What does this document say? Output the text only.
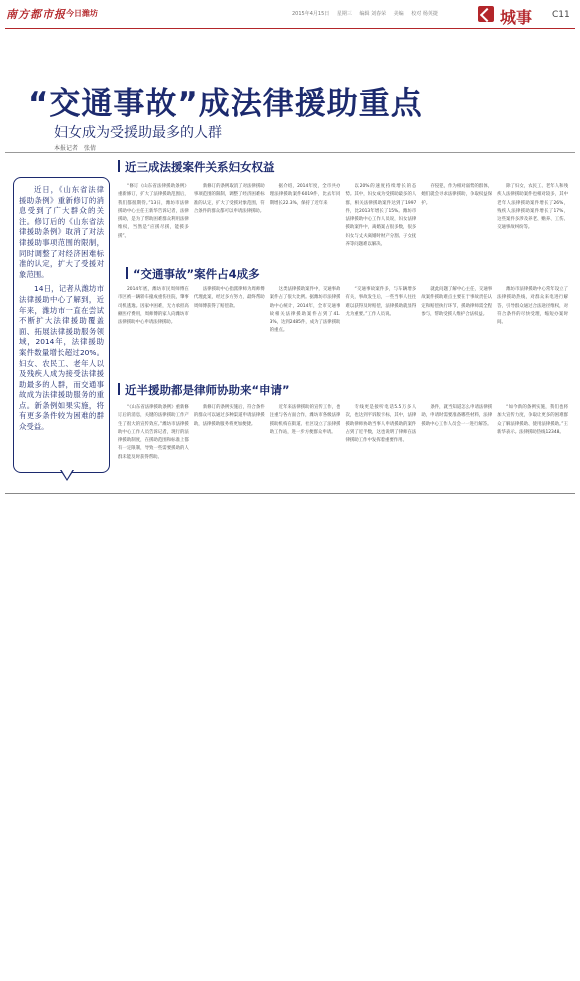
南方都市报 今日潍坊	2015年4月15日 星期三 编辑 刘春荣 美编 校对 杨英捷	城事 C11
“交通事故”成法律援助重点
妇女成为受援助最多的人群
本报记者　张倩

近日，《山东省法律援助条例》重新修订的消息受到了广大群众的关注。修订后的《山东省法律援助条例》取消了对法律援助事项范围的限制，同时调整了对经济困难标准的认定，扩大了受援对象范围。

14日，记者从潍坊市法律援助中心了解到，近年来，潍坊市一直在尝试不断扩大法律援助覆盖面、拓展法律援助服务领域，2014年，法律援助案件数量增长超过20%。妇女、农民工、老年人以及残疾人成为接受法律援助最多的人群，而交通事故成为法律援助服务的重点。新条例如果实施，将有更多条件较为困难的群众受益。

近三成法援案件关系妇女权益

“修订《山东省法律援助条例》重新修订，扩大了法律援助范围后，我们都很期待。”13日，潍坊市法律援助中心主任王新华告诉记者，法律援助，是为了帮助困难群众利用法律维权，当然是“应援尽援，能援多援”。

新修订的条例取消了对法律援助事项范围的限制，调整了经济困难标准的认定，扩大了受援对象范围，符合条件的群众都可以申请法律援助。

据介绍，2014年度，全市共办理法律援助案件6019件，比去年同期增长22.3%，保持了近年来

以20%的速度持续增长的态势。其中，妇女成为受援助最多的人群，相关法律援助案件达到了1997件，比2013年增长了15%。潍坊市法律援助中心工作人员说，妇女法律援助案件中，离婚案占很多数，很多妇女与丈夫离婚时财产分割、子女抚养等问题难以解决。

存侵犯，作为相对弱势的群体，她们就会寻求法律援助，争取权益保护。

除了妇女，农民工、老年人和残疾人法律援助案件也相对较多，其中老年人法律援助案件增长了26%，残疾人法律援助案件增长了17%，这些案件多涉及养老、赡养、工伤、交通事故纠纷等。

“交通事故”案件占4成多

2014年底，潍坊市民周师傅在市区被一辆轿车撞成重伤住院，肇事司机逃逸。因家中困难，无力承担高额医疗费用，周师傅的家人向潍坊市法律援助中心申请法律援助。

法律援助中心指派律师为周师傅代理此案，经过多方努力，最终帮助周师傅获得了赔偿款。

这类法律援助案件中，交通事故案件占了很大比例。据潍坊市法律援助中心统计，2014年，全市交通事故相关法律援助案件占到了41.3%，达到2485件，成为了法律援助的重点。

“交通事故案件多，与车辆增多有关，事故发生后，一些当事人往往难以获得及时赔偿，法律援助就显得尤为重要。”工作人员说。

就此问题了解中心主任，交通事故案件援助难点主要在于事故责任认定和赔偿执行环节，援助律师需全程参与，帮助受援人维护合法权益。

潍坊市法律援助中心常年设立了法律援助热线，对群众来电进行解答，引导群众通过合法途径维权，对符合条件的尽快受理，缩短办案时间。

近半援助都是律师协助来“申请”

“《山东省法律援助条例》重新修订后的消息，关键的法律援助工作产生了很大的宣传效应。”潍坊市法律援助中心工作人员告诉记者，现行的法律援助制度，在援助范围和标准上都有一定限制，导致一些需要援助的人群未能及时获得帮助。

新修订的条例实施后，符合条件的群众可以通过多种渠道申请法律援助，法律援助服务将更加便捷。

近年来法律援助的宣传工作，也注重与各方面合作，潍坊市各级法律援助机构在街道、社区设立了法律援助工作站，进一步方便群众申请。

专线更是接听电话5.5万多人次，也达到平诉版卡标，其中，法律援助律师协助当事人申请援助的案件占到了近半数，这也说明了律师在法律援助工作中发挥着重要作用。

条件，就当知道怎么申请法律援助，申请时需要准备哪些材料，法律援助中心工作人员会一一进行解答。

“如今新的条例实施，我们也将加大宣传力度，争取让更多的困难群众了解法律援助、使用法律援助。”王新华表示。法律援助热线12348。
